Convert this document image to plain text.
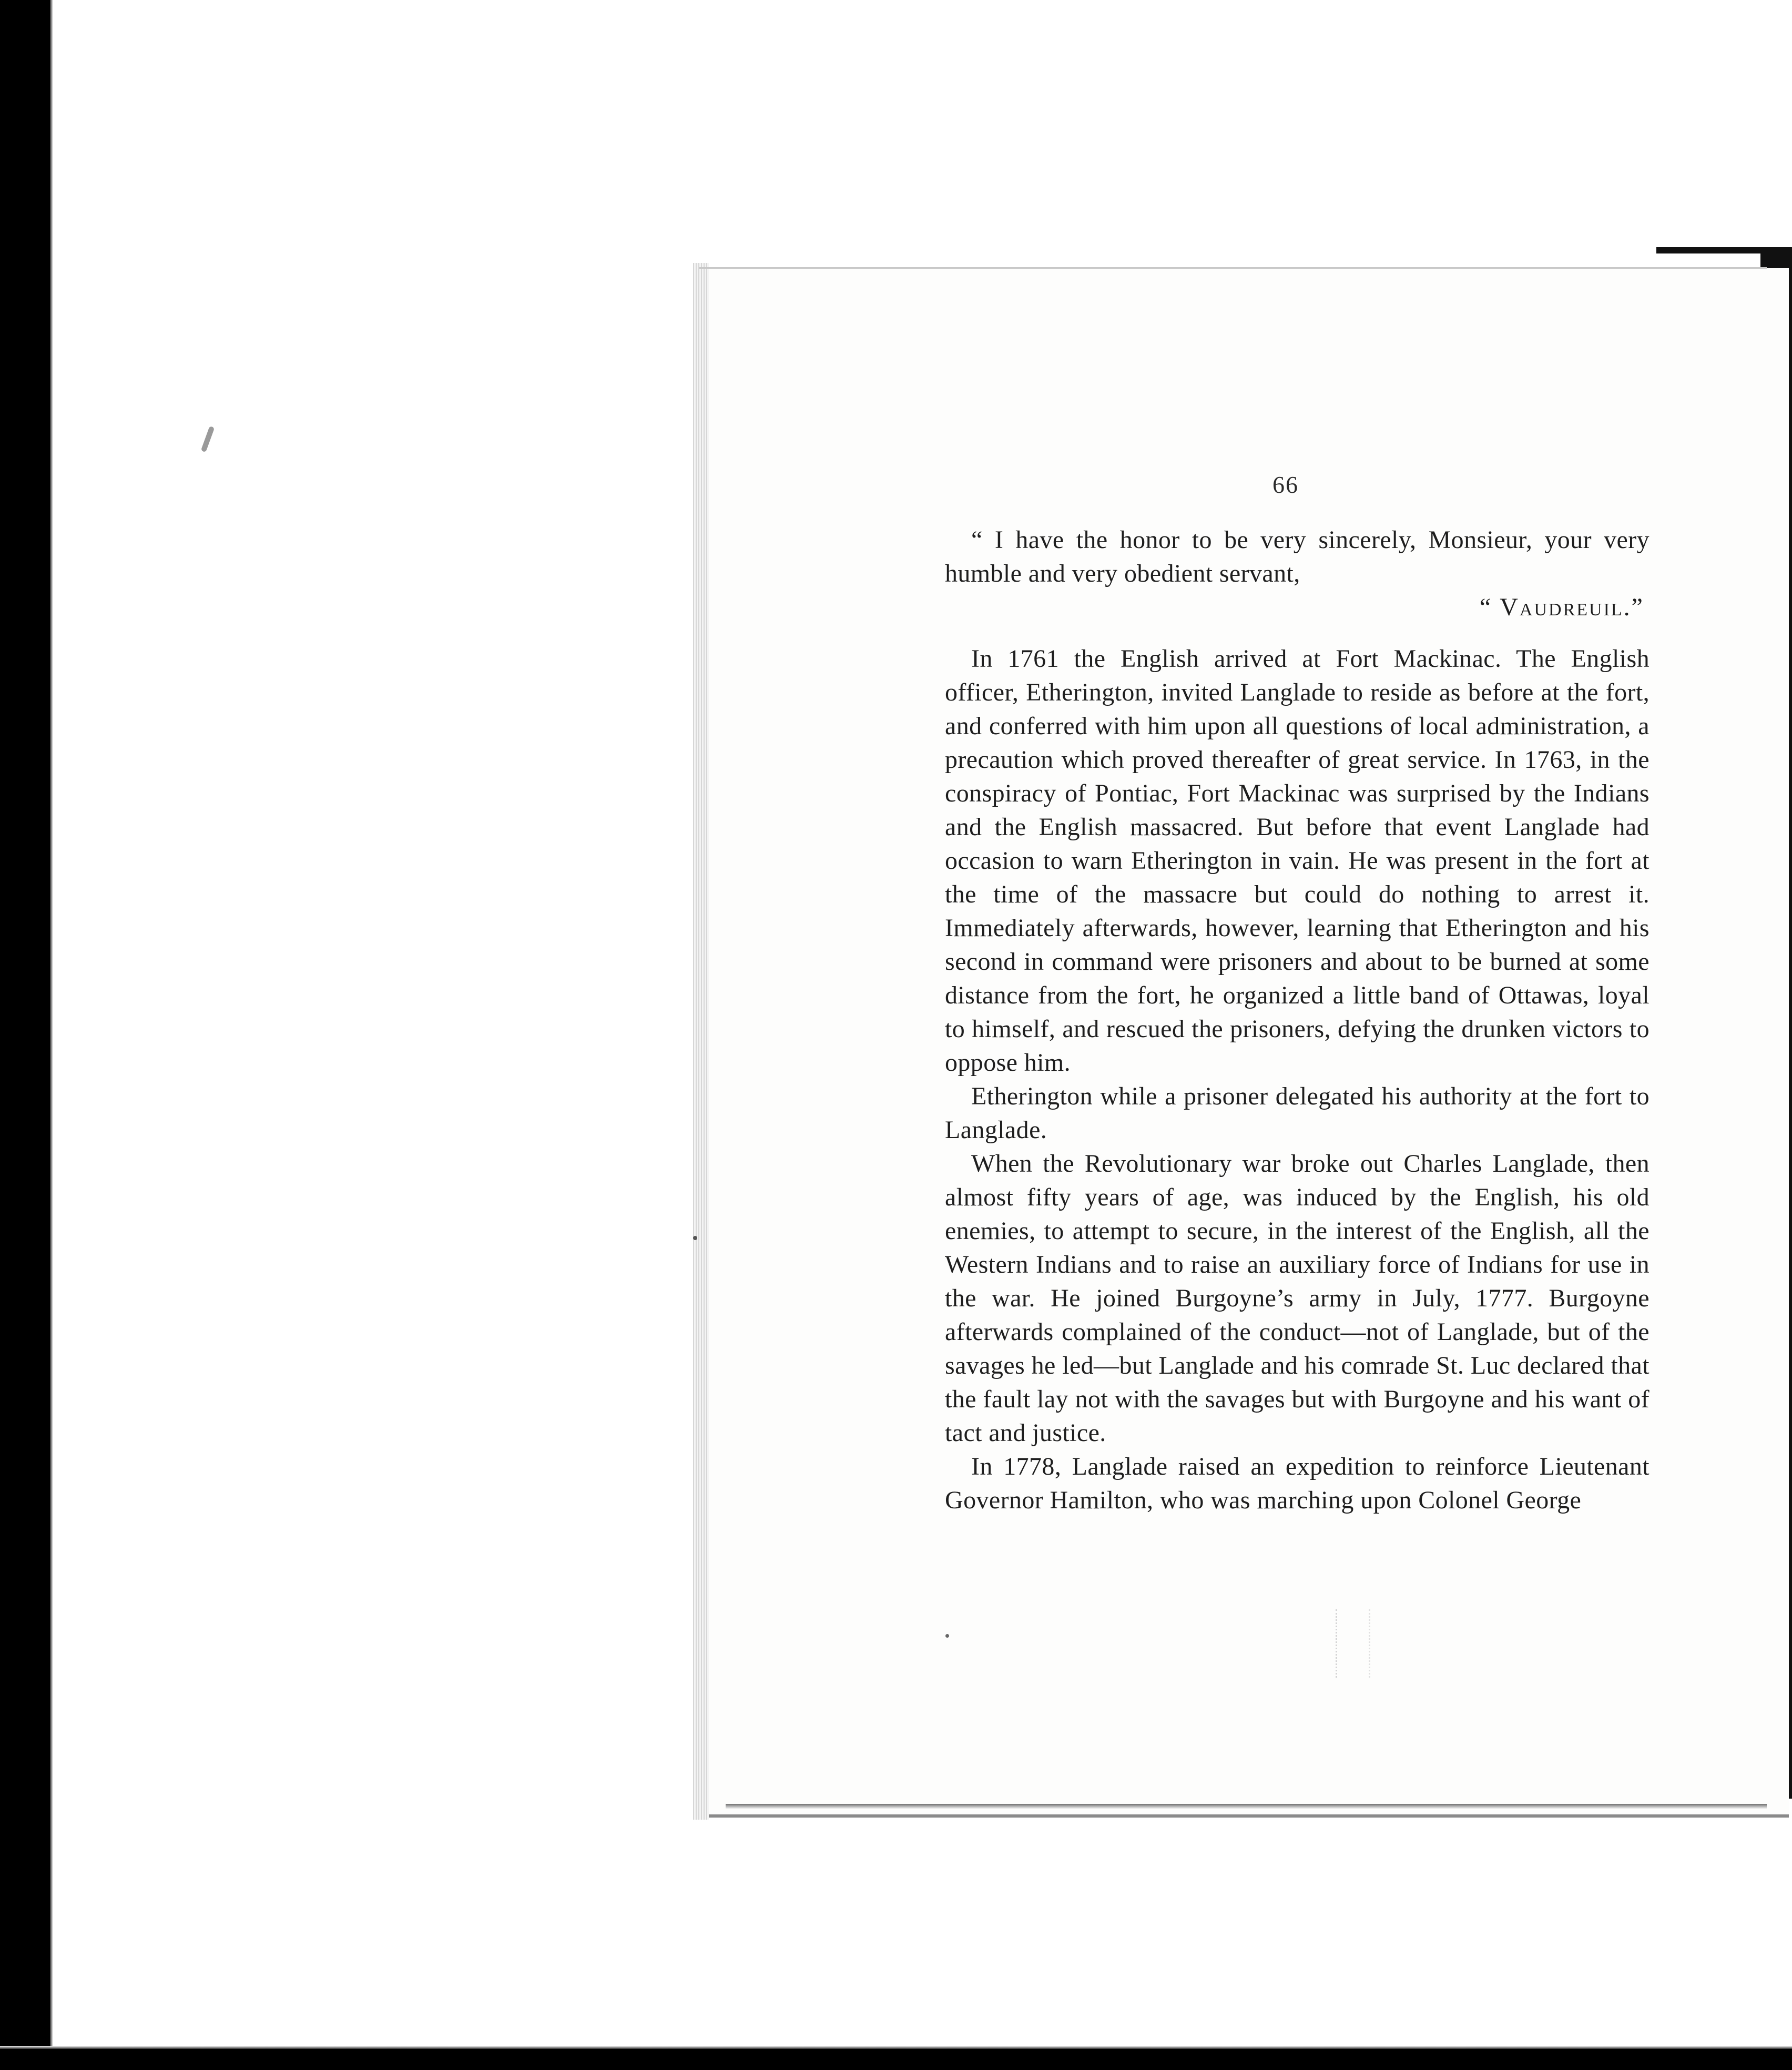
66

“ I have the honor to be very sincerely, Monsieur, your very humble and very obedient servant,

“ Vaudreuil.”

In 1761 the English arrived at Fort Mackinac. The English officer, Etherington, invited Langlade to reside as before at the fort, and conferred with him upon all questions of local administration, a precaution which proved thereafter of great service. In 1763, in the conspiracy of Pontiac, Fort Mackinac was surprised by the Indians and the English massacred. But before that event Langlade had occasion to warn Etherington in vain. He was present in the fort at the time of the massacre but could do nothing to arrest it. Immediately afterwards, however, learning that Etherington and his second in command were prisoners and about to be burned at some distance from the fort, he organized a little band of Ottawas, loyal to himself, and rescued the prisoners, defying the drunken victors to oppose him.

Etherington while a prisoner delegated his authority at the fort to Langlade.

When the Revolutionary war broke out Charles Langlade, then almost fifty years of age, was induced by the English, his old enemies, to attempt to secure, in the interest of the English, all the Western Indians and to raise an auxiliary force of Indians for use in the war. He joined Burgoyne’s army in July, 1777. Burgoyne afterwards complained of the conduct—not of Langlade, but of the savages he led—but Langlade and his comrade St. Luc declared that the fault lay not with the savages but with Burgoyne and his want of tact and justice.

In 1778, Langlade raised an expedition to reinforce Lieutenant Governor Hamilton, who was marching upon Colonel George
